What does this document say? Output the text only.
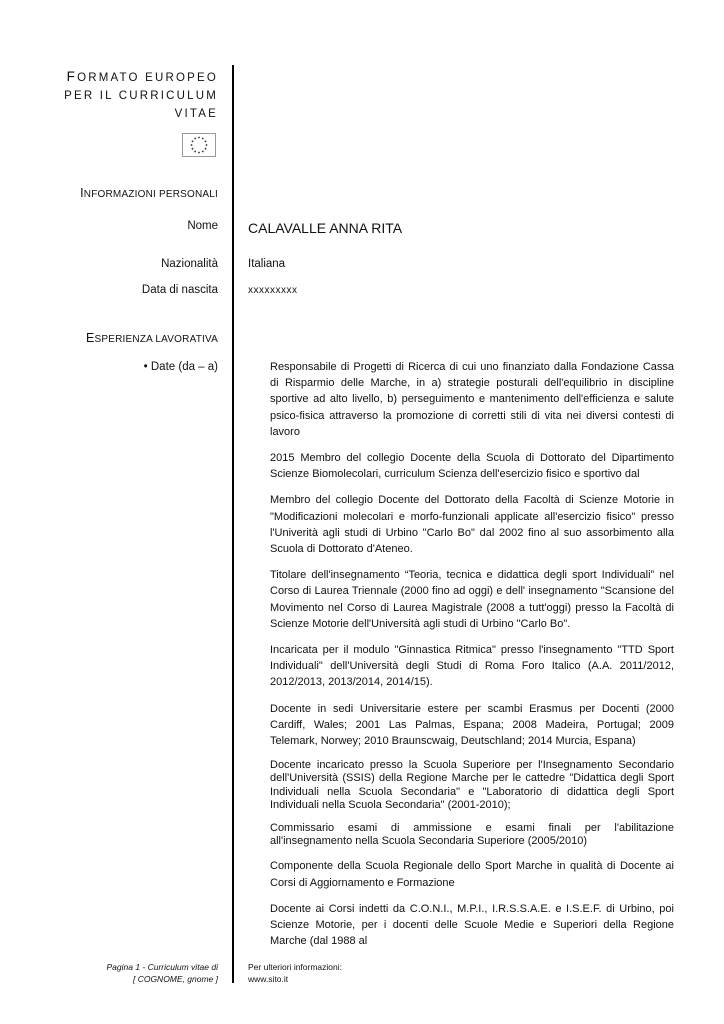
FORMATO EUROPEO
PER IL CURRICULUM
VITAE
INFORMAZIONI PERSONALI
Nome CALAVALLE ANNA RITA
Nazionalità	Italiana
Data di nascita	xxxxxxxxx
ESPERIENZA LAVORATIVA
• Date (da – a)	Responsabile di Progetti di Ricerca di cui uno finanziato dalla Fondazione Cassa di Risparmio delle Marche, in a) strategie posturali dell'equilibrio in discipline sportive ad alto livello, b) perseguimento e mantenimento dell'efficienza e salute psico-fisica attraverso la promozione di corretti stili di vita nei diversi contesti di lavoro

2015 Membro del collegio Docente della Scuola di Dottorato del Dipartimento Scienze Biomolecolari, curriculum Scienza dell'esercizio fisico e sportivo dal

Membro del collegio Docente del Dottorato della Facoltà di Scienze Motorie in "Modificazioni molecolari e morfo-funzionali applicate all'esercizio fisico" presso l'Univerità agli studi di Urbino "Carlo Bo" dal 2002 fino al suo assorbimento alla Scuola di Dottorato d'Ateneo.

Titolare dell'insegnamento “Teoria, tecnica e didattica degli sport Individuali” nel Corso di Laurea Triennale (2000 fino ad oggi) e dell' insegnamento "Scansione del Movimento nel Corso di Laurea Magistrale (2008 a tutt'oggi) presso la Facoltà di Scienze Motorie dell'Università agli studi di Urbino "Carlo Bo".

Incaricata per il modulo "Ginnastica Ritmica" presso l'insegnamento "TTD Sport Individuali" dell'Università degli Studi di Roma Foro Italico (A.A. 2011/2012, 2012/2013, 2013/2014, 2014/15).

Docente in sedi Universitarie estere per scambi Erasmus per Docenti (2000 Cardiff, Wales; 2001 Las Palmas, Espana; 2008 Madeira, Portugal; 2009 Telemark, Norwey; 2010 Braunscwaig, Deutschland; 2014 Murcia, Espana)

Docente incaricato presso la Scuola Superiore per l'Insegnamento Secondario dell'Università (SSIS) della Regione Marche per le cattedre "Didattica degli Sport Individuali nella Scuola Secondaria" e "Laboratorio di didattica degli Sport Individuali nella Scuola Secondaria" (2001-2010);

Commissario esami di ammissione e esami finali per l'abilitazione all'insegnamento nella Scuola Secondaria Superiore (2005/2010)

Componente della Scuola Regionale dello Sport Marche in qualità di Docente ai Corsi di Aggiornamento e Formazione

Docente ai Corsi indetti da C.O.N.I., M.P.I., I.R.S.S.A.E. e I.S.E.F. di Urbino, poi Scienze Motorie, per i docenti delle Scuole Medie e Superiori della Regione Marche (dal 1988 al

Pagina 1 - Curriculum vitae di
[ COGNOME, gnome ]
Per ulteriori informazioni:
www.sito.it
